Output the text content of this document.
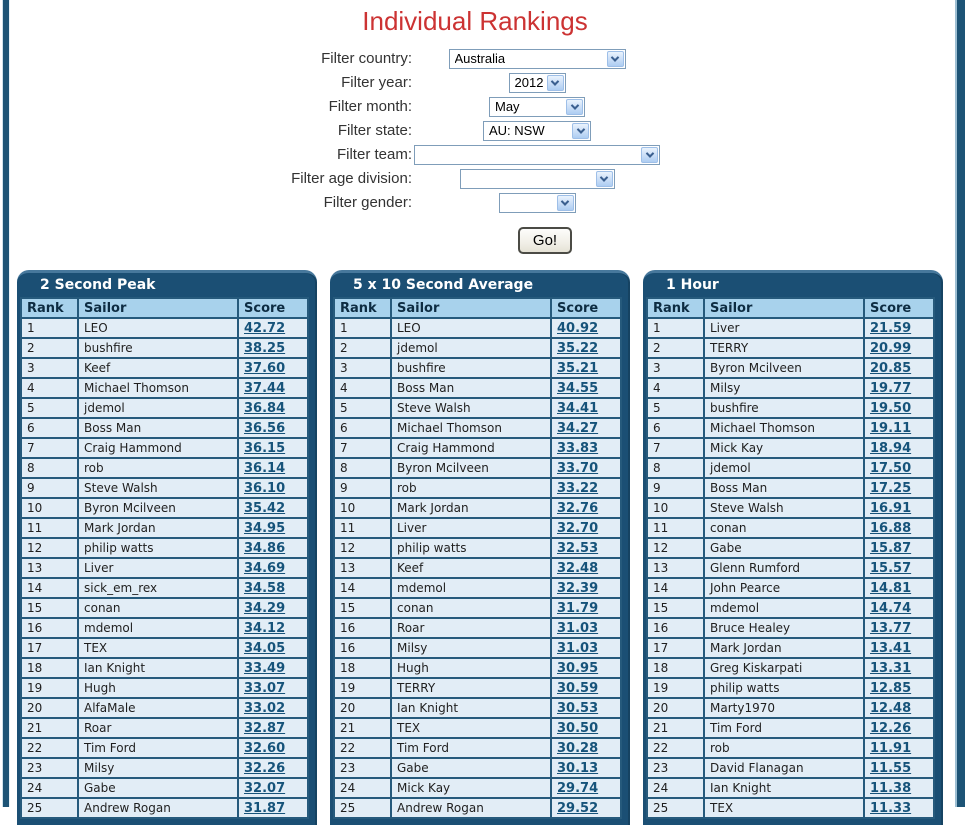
Individual Rankings
Filter country:	Australia
Filter year:	2012
Filter month:	May
Filter state:	AU: NSW
Filter team:
Filter age division:
Filter gender:
Go!
2 Second Peak
Rank	Sailor	Score
1	LEO	42.72
2	bushfire	38.25
3	Keef	37.60
4	Michael Thomson	37.44
5	jdemol	36.84
6	Boss Man	36.56
7	Craig Hammond	36.15
8	rob	36.14
9	Steve Walsh	36.10
10	Byron Mcilveen	35.42
11	Mark Jordan	34.95
12	philip watts	34.86
13	Liver	34.69
14	sick_em_rex	34.58
15	conan	34.29
16	mdemol	34.12
17	TEX	34.05
18	Ian Knight	33.49
19	Hugh	33.07
20	AlfaMale	33.02
21	Roar	32.87
22	Tim Ford	32.60
23	Milsy	32.26
24	Gabe	32.07
25	Andrew Rogan	31.87
5 x 10 Second Average
Rank	Sailor	Score
1	LEO	40.92
2	jdemol	35.22
3	bushfire	35.21
4	Boss Man	34.55
5	Steve Walsh	34.41
6	Michael Thomson	34.27
7	Craig Hammond	33.83
8	Byron Mcilveen	33.70
9	rob	33.22
10	Mark Jordan	32.76
11	Liver	32.70
12	philip watts	32.53
13	Keef	32.48
14	mdemol	32.39
15	conan	31.79
16	Roar	31.03
16	Milsy	31.03
18	Hugh	30.95
19	TERRY	30.59
20	Ian Knight	30.53
21	TEX	30.50
22	Tim Ford	30.28
23	Gabe	30.13
24	Mick Kay	29.74
25	Andrew Rogan	29.52
1 Hour
Rank	Sailor	Score
1	Liver	21.59
2	TERRY	20.99
3	Byron Mcilveen	20.85
4	Milsy	19.77
5	bushfire	19.50
6	Michael Thomson	19.11
7	Mick Kay	18.94
8	jdemol	17.50
9	Boss Man	17.25
10	Steve Walsh	16.91
11	conan	16.88
12	Gabe	15.87
13	Glenn Rumford	15.57
14	John Pearce	14.81
15	mdemol	14.74
16	Bruce Healey	13.77
17	Mark Jordan	13.41
18	Greg Kiskarpati	13.31
19	philip watts	12.85
20	Marty1970	12.48
21	Tim Ford	12.26
22	rob	11.91
23	David Flanagan	11.55
24	Ian Knight	11.38
25	TEX	11.33
